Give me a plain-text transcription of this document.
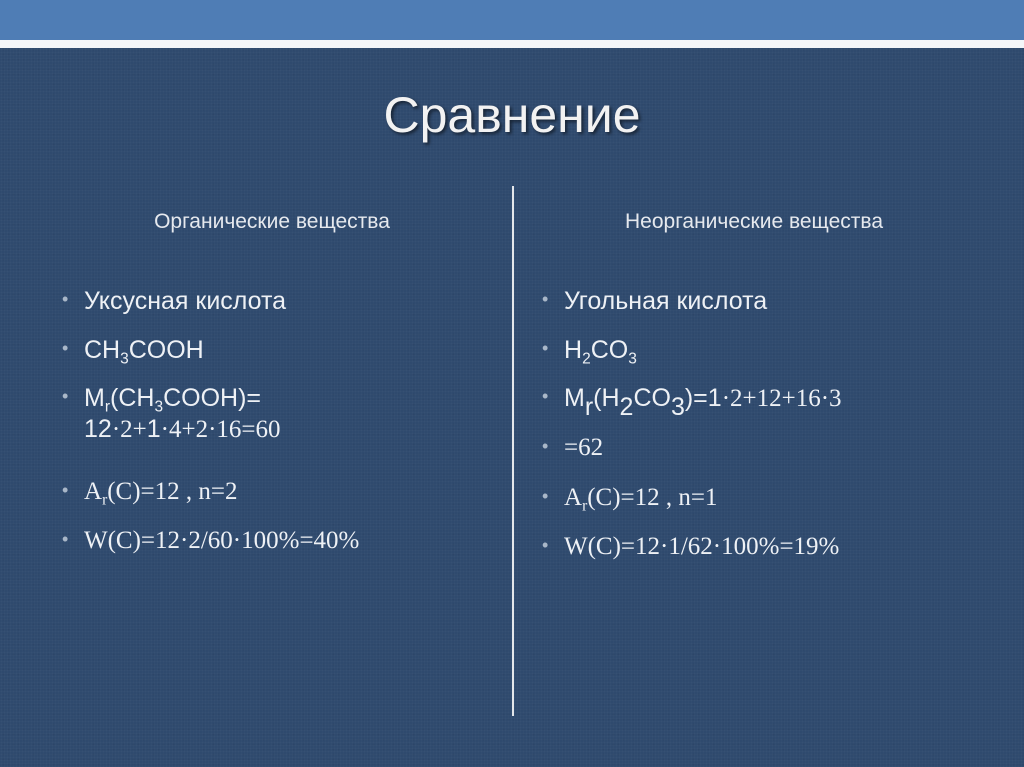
Сравнение
Органические вещества
• Уксусная кислота
• $CH_3COOH$
• $M_r(CH_3COOH)=$
12·2+1·4+2·16=60
• $A_r(C)=12$ , n=2
• W(C)=12·2/60·100%=40%
Неорганические вещества
• Угольная кислота
• $H_2CO_3$
• $M_r(H_2CO_3)=1\cdot 2+12+16\cdot 3$
• =62
• $A_r(C)=12$ , n=1
• W(C)=12·1/62·100%=19%
